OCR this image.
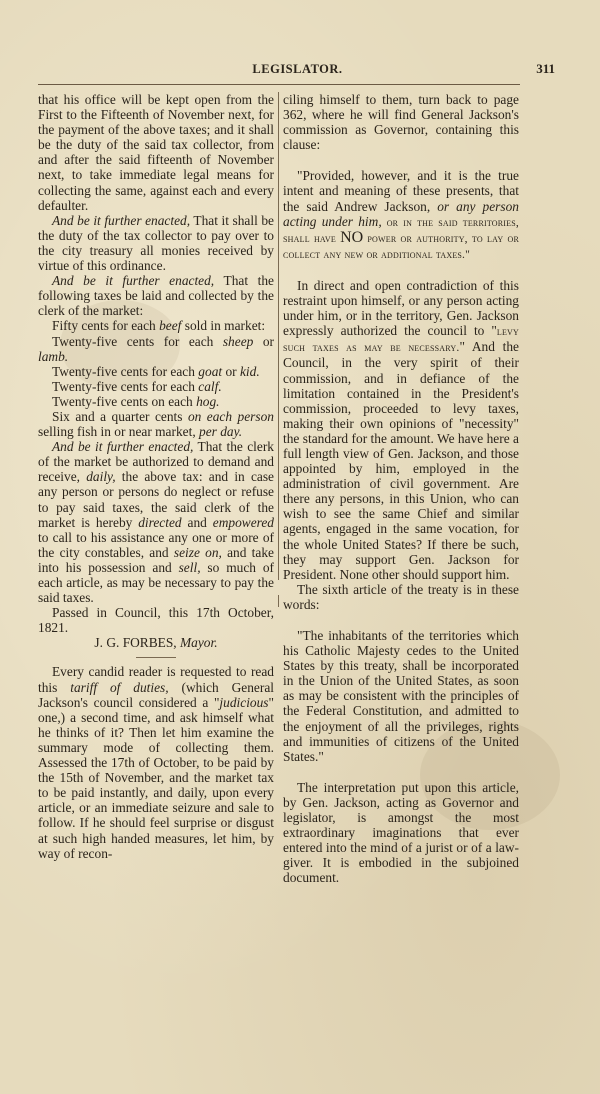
LEGISLATOR.	311

that his office will be kept open from the First to the Fifteenth of November next, for the payment of the above taxes; and it shall be the duty of the said tax collector, from and after the said fifteenth of November next, to take immediate legal means for collecting the same, against each and every defaulter.

And be it further enacted, That it shall be the duty of the tax collector to pay over to the city treasury all monies received by virtue of this ordinance.

And be it further enacted, That the following taxes be laid and collected by the clerk of the market:

Fifty cents for each beef sold in market:

Twenty-five cents for each sheep or lamb.

Twenty-five cents for each goat or kid.

Twenty-five cents for each calf.

Twenty-five cents on each hog.

Six and a quarter cents on each person selling fish in or near market, per day.

And be it further enacted, That the clerk of the market be authorized to demand and receive, daily, the above tax: and in case any person or persons do neglect or refuse to pay said taxes, the said clerk of the market is hereby directed and empowered to call to his assistance any one or more of the city constables, and seize on, and take into his possession and sell, so much of each article, as may be necessary to pay the said taxes.

Passed in Council, this 17th October, 1821.

J. G. FORBES, Mayor.

Every candid reader is requested to read this tariff of duties, (which General Jackson's council considered a "judicious" one,) a second time, and ask himself what he thinks of it? Then let him examine the summary mode of collecting them. Assessed the 17th of October, to be paid by the 15th of November, and the market tax to be paid instantly, and daily, upon every article, or an immediate seizure and sale to follow. If he should feel surprise or disgust at such high handed measures, let him, by way of recon-

ciling himself to them, turn back to page 362, where he will find General Jackson's commission as Governor, containing this clause:

"Provided, however, and it is the true intent and meaning of these presents, that the said Andrew Jackson, or any person acting under him, or in the said territories, shall have NO power or authority, to lay or collect any new or additional taxes."

In direct and open contradiction of this restraint upon himself, or any person acting under him, or in the territory, Gen. Jackson expressly authorized the council to "levy such taxes as may be necessary." And the Council, in the very spirit of their commission, and in defiance of the limitation contained in the President's commission, proceeded to levy taxes, making their own opinions of "necessity" the standard for the amount. We have here a full length view of Gen. Jackson, and those appointed by him, employed in the administration of civil government. Are there any persons, in this Union, who can wish to see the same Chief and similar agents, engaged in the same vocation, for the whole United States? If there be such, they may support Gen. Jackson for President. None other should support him.

The sixth article of the treaty is in these words:

"The inhabitants of the territories which his Catholic Majesty cedes to the United States by this treaty, shall be incorporated in the Union of the United States, as soon as may be consistent with the principles of the Federal Constitution, and admitted to the enjoyment of all the privileges, rights and immunities of citizens of the United States."

The interpretation put upon this article, by Gen. Jackson, acting as Governor and legislator, is amongst the most extraordinary imaginations that ever entered into the mind of a jurist or of a law-giver. It is embodied in the subjoined document.
